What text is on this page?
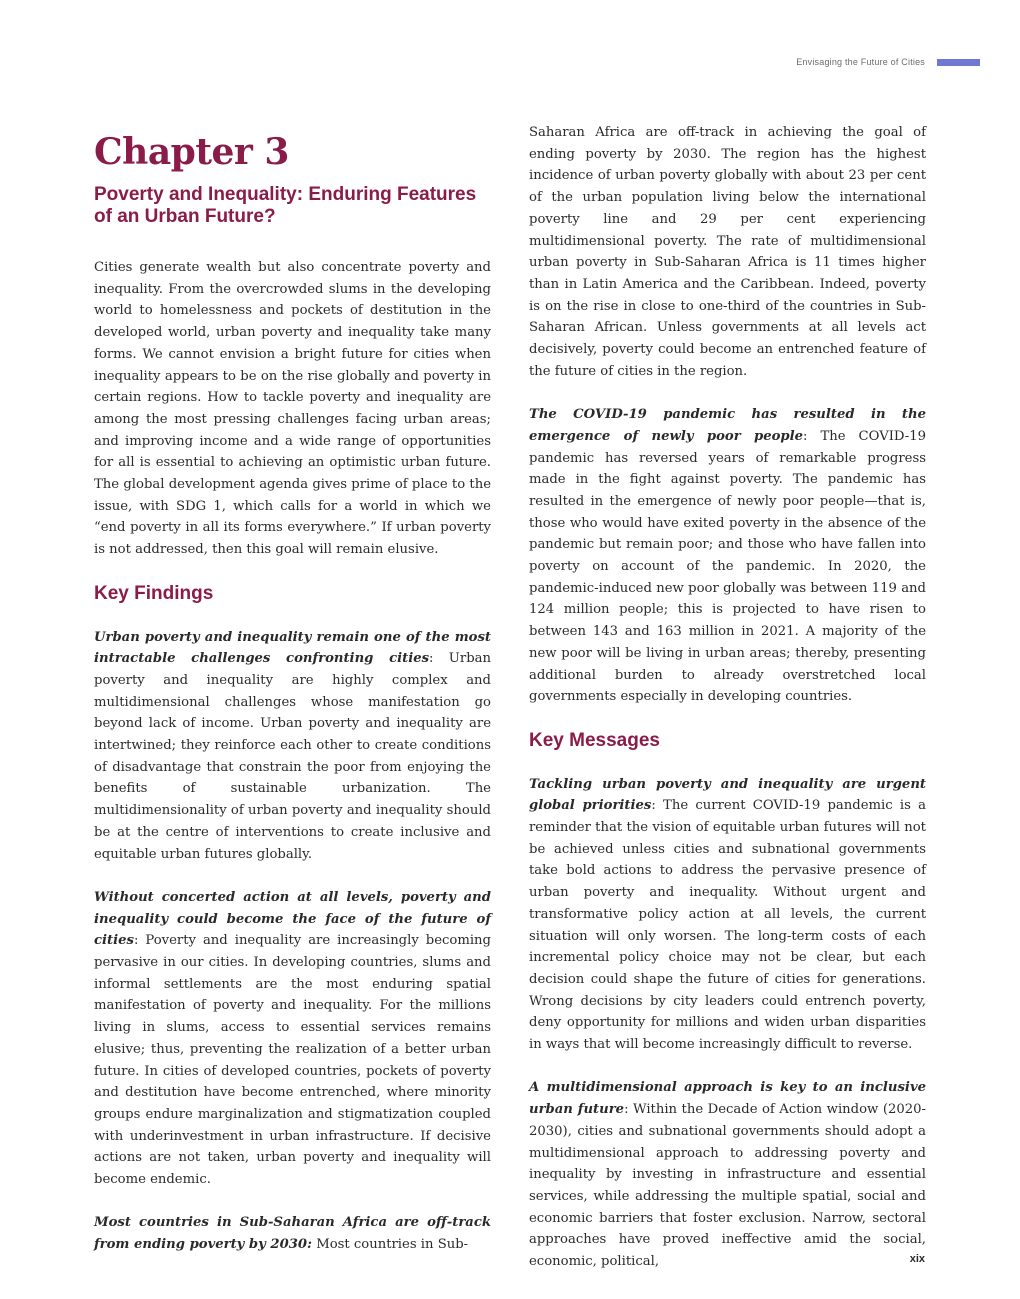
Envisaging the Future of Cities
Chapter 3
Poverty and Inequality: Enduring Features of an Urban Future?

Cities generate wealth but also concentrate poverty and inequality. From the overcrowded slums in the developing world to homelessness and pockets of destitution in the developed world, urban poverty and inequality take many forms. We cannot envision a bright future for cities when inequality appears to be on the rise globally and poverty in certain regions. How to tackle poverty and inequality are among the most pressing challenges facing urban areas; and improving income and a wide range of opportunities for all is essential to achieving an optimistic urban future. The global development agenda gives prime of place to the issue, with SDG 1, which calls for a world in which we “end poverty in all its forms everywhere.” If urban poverty is not addressed, then this goal will remain elusive.

Key Findings

Urban poverty and inequality remain one of the most intractable challenges confronting cities: Urban poverty and inequality are highly complex and multidimensional challenges whose manifestation go beyond lack of income. Urban poverty and inequality are intertwined; they reinforce each other to create conditions of disadvantage that constrain the poor from enjoying the benefits of sustainable urbanization. The multidimensionality of urban poverty and inequality should be at the centre of interventions to create inclusive and equitable urban futures globally.

Without concerted action at all levels, poverty and inequality could become the face of the future of cities: Poverty and inequality are increasingly becoming pervasive in our cities. In developing countries, slums and informal settlements are the most enduring spatial manifestation of poverty and inequality. For the millions living in slums, access to essential services remains elusive; thus, preventing the realization of a better urban future. In cities of developed countries, pockets of poverty and destitution have become entrenched, where minority groups endure marginalization and stigmatization coupled with underinvestment in urban infrastructure. If decisive actions are not taken, urban poverty and inequality will become endemic.

Most countries in Sub-Saharan Africa are off-track from ending poverty by 2030: Most countries in Sub-

Saharan Africa are off-track in achieving the goal of ending poverty by 2030. The region has the highest incidence of urban poverty globally with about 23 per cent of the urban population living below the international poverty line and 29 per cent experiencing multidimensional poverty. The rate of multidimensional urban poverty in Sub-Saharan Africa is 11 times higher than in Latin America and the Caribbean. Indeed, poverty is on the rise in close to one-third of the countries in Sub-Saharan African. Unless governments at all levels act decisively, poverty could become an entrenched feature of the future of cities in the region.

The COVID-19 pandemic has resulted in the emergence of newly poor people: The COVID-19 pandemic has reversed years of remarkable progress made in the fight against poverty. The pandemic has resulted in the emergence of newly poor people—that is, those who would have exited poverty in the absence of the pandemic but remain poor; and those who have fallen into poverty on account of the pandemic. In 2020, the pandemic-induced new poor globally was between 119 and 124 million people; this is projected to have risen to between 143 and 163 million in 2021. A majority of the new poor will be living in urban areas; thereby, presenting additional burden to already overstretched local governments especially in developing countries.

Key Messages

Tackling urban poverty and inequality are urgent global priorities: The current COVID-19 pandemic is a reminder that the vision of equitable urban futures will not be achieved unless cities and subnational governments take bold actions to address the pervasive presence of urban poverty and inequality. Without urgent and transformative policy action at all levels, the current situation will only worsen. The long-term costs of each incremental policy choice may not be clear, but each decision could shape the future of cities for generations. Wrong decisions by city leaders could entrench poverty, deny opportunity for millions and widen urban disparities in ways that will become increasingly difficult to reverse.

A multidimensional approach is key to an inclusive urban future: Within the Decade of Action window (2020-2030), cities and subnational governments should adopt a multidimensional approach to addressing poverty and inequality by investing in infrastructure and essential services, while addressing the multiple spatial, social and economic barriers that foster exclusion. Narrow, sectoral approaches have proved ineffective amid the social, economic, political,	xix
